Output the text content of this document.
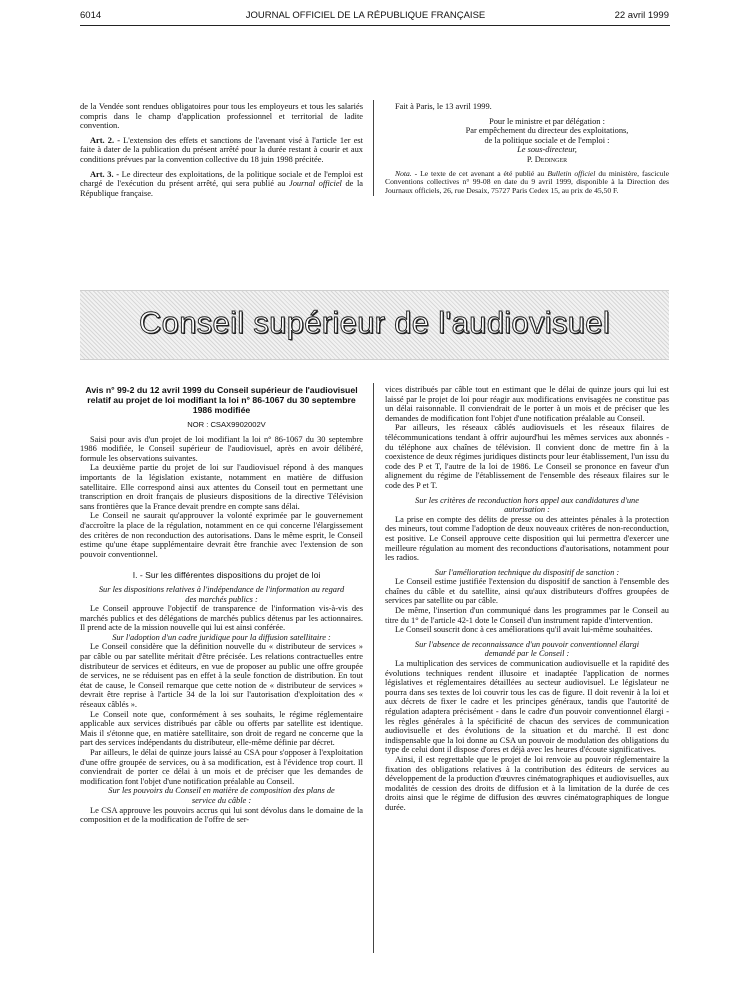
6014	JOURNAL OFFICIEL DE LA RÉPUBLIQUE FRANÇAISE	22 avril 1999

de la Vendée sont rendues obligatoires pour tous les employeurs et tous les salariés compris dans le champ d'application professionnel et territorial de ladite convention.

Art. 2. - L'extension des effets et sanctions de l'avenant visé à l'article 1er est faite à dater de la publication du présent arrêté pour la durée restant à courir et aux conditions prévues par la convention collective du 18 juin 1998 précitée.

Art. 3. - Le directeur des exploitations, de la politique sociale et de l'emploi est chargé de l'exécution du présent arrêté, qui sera publié au Journal officiel de la République française.

Fait à Paris, le 13 avril 1999.

Pour le ministre et par délégation :

Par empêchement du directeur des exploitations,

de la politique sociale et de l'emploi :

Le sous-directeur,

P. Dedinger

Nota. - Le texte de cet avenant a été publié au Bulletin officiel du ministère, fascicule Conventions collectives n° 99-08 en date du 9 avril 1999, disponible à la Direction des Journaux officiels, 26, rue Desaix, 75727 Paris Cedex 15, au prix de 45,50 F.

Conseil supérieur de l'audiovisuel
Avis n° 99-2 du 12 avril 1999 du Conseil supérieur de l'audiovisuel relatif au projet de loi modifiant la loi n° 86-1067 du 30 septembre 1986 modifiée

NOR : CSAX9902002V

Saisi pour avis d'un projet de loi modifiant la loi n° 86-1067 du 30 septembre 1986 modifiée, le Conseil supérieur de l'audiovisuel, après en avoir délibéré, formule les observations suivantes.

La deuxième partie du projet de loi sur l'audiovisuel répond à des manques importants de la législation existante, notamment en matière de diffusion satellitaire. Elle correspond ainsi aux attentes du Conseil tout en permettant une transcription en droit français de plusieurs dispositions de la directive Télévision sans frontières que la France devait prendre en compte sans délai.

Le Conseil ne saurait qu'approuver la volonté exprimée par le gouvernement d'accroître la place de la régulation, notamment en ce qui concerne l'élargissement des critères de non reconduction des autorisations. Dans le même esprit, le Conseil estime qu'une étape supplémentaire devrait être franchie avec l'extension de son pouvoir conventionnel.

I. - Sur les différentes dispositions du projet de loi

Sur les dispositions relatives à l'indépendance de l'information au regard des marchés publics :

Le Conseil approuve l'objectif de transparence de l'information vis-à-vis des marchés publics et des délégations de marchés publics détenus par les actionnaires. Il prend acte de la mission nouvelle qui lui est ainsi conférée.

Sur l'adoption d'un cadre juridique pour la diffusion satellitaire :

Le Conseil considère que la définition nouvelle du « distributeur de services » par câble ou par satellite méritait d'être précisée. Les relations contractuelles entre distributeur de services et éditeurs, en vue de proposer au public une offre groupée de services, ne se réduisent pas en effet à la seule fonction de distribution. En tout état de cause, le Conseil remarque que cette notion de « distributeur de services » devrait être reprise à l'article 34 de la loi sur l'autorisation d'exploitation des « réseaux câblés ».

Le Conseil note que, conformément à ses souhaits, le régime réglementaire applicable aux services distribués par câble ou offerts par satellite est identique. Mais il s'étonne que, en matière satellitaire, son droit de regard ne concerne que la part des services indépendants du distributeur, elle-même définie par décret.

Par ailleurs, le délai de quinze jours laissé au CSA pour s'opposer à l'exploitation d'une offre groupée de services, ou à sa modification, est à l'évidence trop court. Il conviendrait de porter ce délai à un mois et de préciser que les demandes de modification font l'objet d'une notification préalable au Conseil.

Sur les pouvoirs du Conseil en matière de composition des plans de service du câble :

Le CSA approuve les pouvoirs accrus qui lui sont dévolus dans le domaine de la composition et de la modification de l'offre de ser-

vices distribués par câble tout en estimant que le délai de quinze jours qui lui est laissé par le projet de loi pour réagir aux modifications envisagées ne constitue pas un délai raisonnable. Il conviendrait de le porter à un mois et de préciser que les demandes de modification font l'objet d'une notification préalable au Conseil.

Par ailleurs, les réseaux câblés audiovisuels et les réseaux filaires de télécommunications tendant à offrir aujourd'hui les mêmes services aux abonnés - du téléphone aux chaînes de télévision. Il convient donc de mettre fin à la coexistence de deux régimes juridiques distincts pour leur établissement, l'un issu du code des P et T, l'autre de la loi de 1986. Le Conseil se prononce en faveur d'un alignement du régime de l'établissement de l'ensemble des réseaux filaires sur le code des P et T.

Sur les critères de reconduction hors appel aux candidatures d'une autorisation :

La prise en compte des délits de presse ou des atteintes pénales à la protection des mineurs, tout comme l'adoption de deux nouveaux critères de non-reconduction, est positive. Le Conseil approuve cette disposition qui lui permettra d'exercer une meilleure régulation au moment des reconductions d'autorisations, notamment pour les radios.

Sur l'amélioration technique du dispositif de sanction :

Le Conseil estime justifiée l'extension du dispositif de sanction à l'ensemble des chaînes du câble et du satellite, ainsi qu'aux distributeurs d'offres groupées de services par satellite ou par câble.

De même, l'insertion d'un communiqué dans les programmes par le Conseil au titre du 1° de l'article 42-1 dote le Conseil d'un instrument rapide d'intervention.

Le Conseil souscrit donc à ces améliorations qu'il avait lui-même souhaitées.

Sur l'absence de reconnaissance d'un pouvoir conventionnel élargi demandé par le Conseil :

La multiplication des services de communication audiovisuelle et la rapidité des évolutions techniques rendent illusoire et inadaptée l'application de normes législatives et réglementaires détaillées au secteur audiovisuel. Le législateur ne pourra dans ses textes de loi couvrir tous les cas de figure. Il doit revenir à la loi et aux décrets de fixer le cadre et les principes généraux, tandis que l'autorité de régulation adaptera précisément - dans le cadre d'un pouvoir conventionnel élargi - les règles générales à la spécificité de chacun des services de communication audiovisuelle et des évolutions de la situation et du marché. Il est donc indispensable que la loi donne au CSA un pouvoir de modulation des obligations du type de celui dont il dispose d'ores et déjà avec les heures d'écoute significatives.

Ainsi, il est regrettable que le projet de loi renvoie au pouvoir réglementaire la fixation des obligations relatives à la contribution des éditeurs de services au développement de la production d'œuvres cinématographiques et audiovisuelles, aux modalités de cession des droits de diffusion et à la limitation de la durée de ces droits ainsi que le régime de diffusion des œuvres cinématographiques de longue durée.
